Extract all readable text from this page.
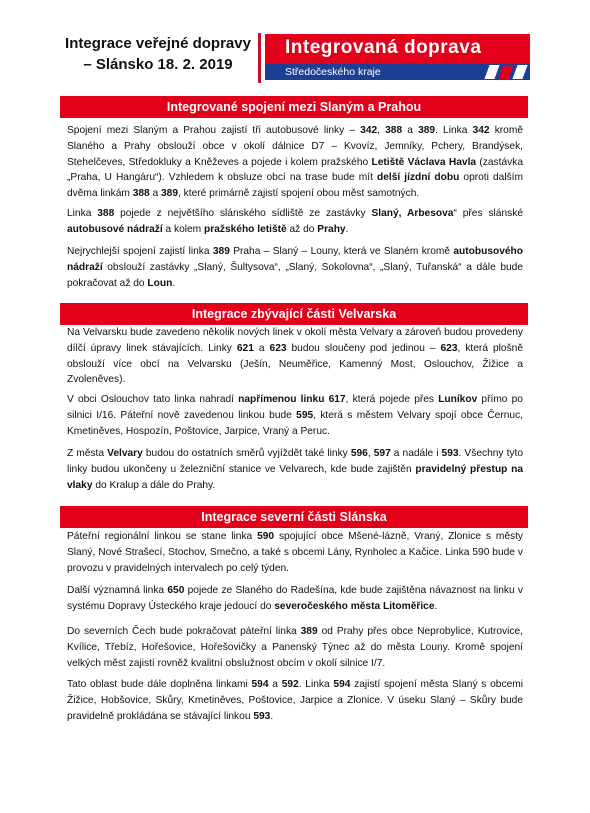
Integrace veřejné dopravy
– Slánsko 18. 2. 2019
Integrovaná doprava
Středočeského kraje
Integrované spojení mezi Slaným a Prahou

Spojení mezi Slaným a Prahou zajistí tři autobusové linky – 342, 388 a 389. Linka 342 kromě Slaného a Prahy obslouží obce v okolí dálnice D7 – Kvovíz, Jemníky, Pchery, Brandýsek, Stehelčeves, Středokluky a Kněževes a pojede i kolem pražského Letiště Václava Havla (zastávka „Praha, U Hangáru“). Vzhledem k obsluze obcí na trase bude mít delší jízdní dobu oproti dalším dvěma linkám 388 a 389, které primárně zajistí spojení obou měst samotných.

Linka 388 pojede z největšího slánského sídliště ze zastávky Slaný, Arbesova“ přes slánské autobusové nádraží a kolem pražského letiště až do Prahy.

Nejrychlejší spojení zajistí linka 389 Praha – Slaný – Louny, která ve Slaném kromě autobusového nádraží obslouží zastávky „Slaný, Šultysova“, „Slaný, Sokolovna“, „Slaný, Tuřanská“ a dále bude pokračovat až do Loun.

Integrace zbývající části Velvarska

Na Velvarsku bude zavedeno několik nových linek v okolí města Velvary a zároveň budou provedeny dílčí úpravy linek stávajících. Linky 621 a 623 budou sloučeny pod jedinou – 623, která plošně obslouží více obcí na Velvarsku (Ješín, Neuměřice, Kamenný Most, Oslouchov, Žižice a Zvoleněves).

V obci Oslouchov tato linka nahradí napřímenou linku 617, která pojede přes Luníkov přímo po silnici I/16. Páteřní nově zavedenou linkou bude 595, která s městem Velvary spojí obce Černuc, Kmetiněves, Hospozín, Poštovice, Jarpice, Vraný a Peruc.

Z města Velvary budou do ostatních směrů vyjíždět také linky 596, 597 a nadále i 593. Všechny tyto linky budou ukončeny u železniční stanice ve Velvarech, kde bude zajištěn pravidelný přestup na vlaky do Kralup a dále do Prahy.

Integrace severní části Slánska

Páteřní regionální linkou se stane linka 590 spojující obce Mšené-lázně, Vraný, Zlonice s městy Slaný, Nové Strašecí, Stochov, Smečno, a také s obcemi Lány, Rynholec a Kačice. Linka 590 bude v provozu v pravidelných intervalech po celý týden.

Další významná linka 650 pojede ze Slaného do Radešína, kde bude zajištěna návaznost na linku v systému Dopravy Ústeckého kraje jedoucí do severočeského města Litoměřice.

Do severních Čech bude pokračovat páteřní linka 389 od Prahy přes obce Neprobylice, Kutrovice, Kvílice, Třebíz, Hořešovice, Hořešovičky a Panenský Týnec až do města Louny. Kromě spojení velkých měst zajistí rovněž kvalitní obslužnost obcím v okolí silnice I/7.

Tato oblast bude dále doplněna linkami 594 a 592. Linka 594 zajistí spojení města Slaný s obcemi Žižice, Hobšovice, Skůry, Kmetiněves, Poštovice, Jarpice a Zlonice. V úseku Slaný – Skůry bude pravidelně prokládána se stávající linkou 593.
